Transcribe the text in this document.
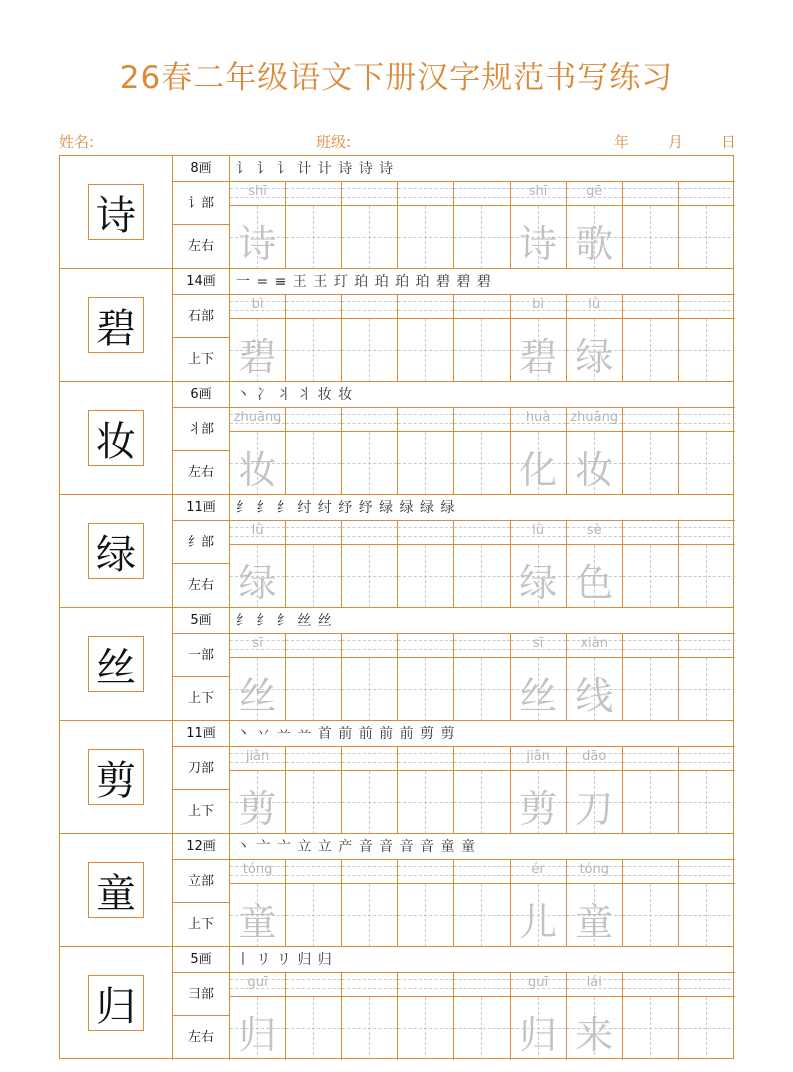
26春二年级语文下册汉字规范书写练习
姓名:	班级:	年	月	日
诗
8画
讠部
左右
讠 讠 讠 计 计 诗 诗 诗
shī	shī	gē
诗	诗 歌
碧
14画
石部
上下
一 = ≡ 王 王 玎 珀 珀 珀 珀 碧 碧 碧
bì	bì	lǜ
碧	碧 绿
妆
6画
丬部
左右
丶 冫 丬 丬 妆 妆
zhuāng	huà	zhuāng
妆	化 妆
绿
11画
纟部
左右
纟 纟 纟 纣 纣 纾 纾 绿 绿 绿 绿
lǜ	lǜ	sè
绿	绿 色
丝
5画
一部
上下
纟 纟 纟 丝 丝
sī	sī	xiàn
丝	丝 线
剪
11画
刀部
上下
丶 丷 䒑 䒑 首 前 前 前 前 剪 剪
jiǎn	jiǎn	dāo
剪	剪 刀
童
12画
立部
上下
丶 亠 亠 立 立 产 音 音 音 音 童 童
tóng	ér	tóng
童	儿 童
归
5画
彐部
左右
丨 リ リ 归 归
guī	guī	lái
归	归 来
